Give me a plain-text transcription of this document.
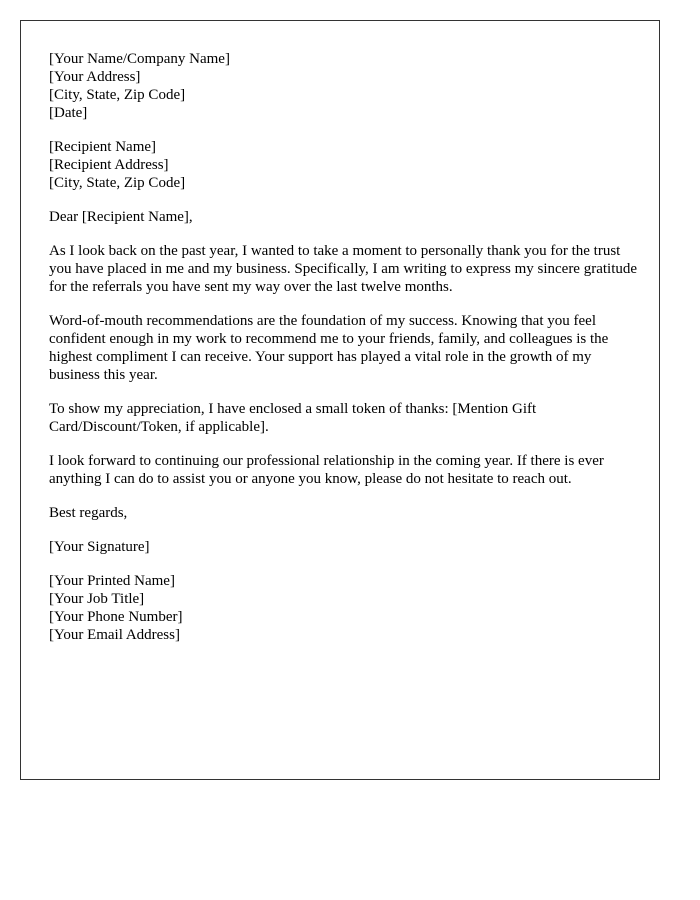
[Your Name/Company Name]
[Your Address]
[City, State, Zip Code]
[Date]
[Recipient Name]
[Recipient Address]
[City, State, Zip Code]

Dear [Recipient Name],

As I look back on the past year, I wanted to take a moment to personally thank you for the trust you have placed in me and my business. Specifically, I am writing to express my sincere gratitude for the referrals you have sent my way over the last twelve months.

Word-of-mouth recommendations are the foundation of my success. Knowing that you feel confident enough in my work to recommend me to your friends, family, and colleagues is the highest compliment I can receive. Your support has played a vital role in the growth of my business this year.

To show my appreciation, I have enclosed a small token of thanks: [Mention Gift Card/Discount/Token, if applicable].

I look forward to continuing our professional relationship in the coming year. If there is ever anything I can do to assist you or anyone you know, please do not hesitate to reach out.

Best regards,

[Your Signature]

[Your Printed Name]
[Your Job Title]
[Your Phone Number]
[Your Email Address]
